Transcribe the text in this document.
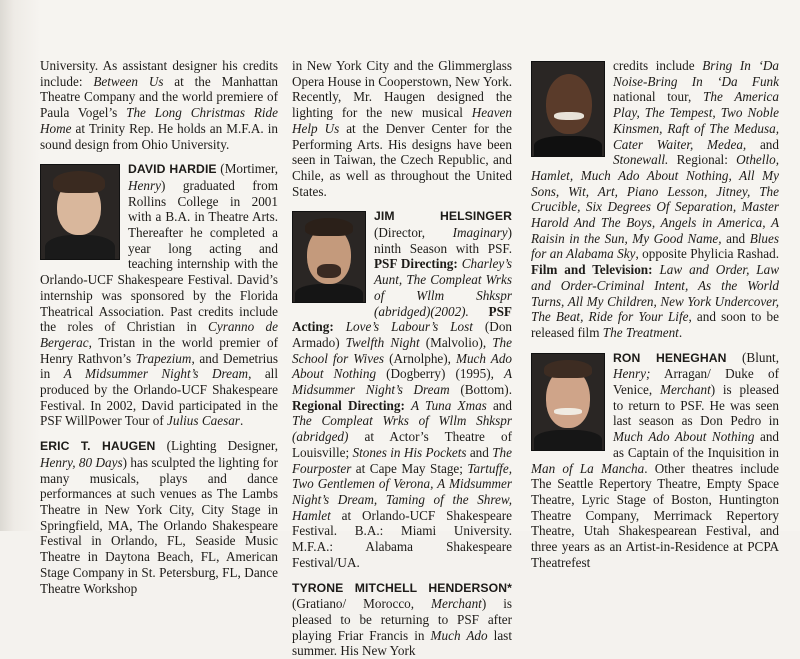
University. As assistant designer his credits include: Between Us at the Manhattan Theatre Company and the world premiere of Paula Vogel’s The Long Christmas Ride Home at Trinity Rep. He holds an M.F.A. in sound design from Ohio University.

DAVID HARDIE (Mortimer, Henry) graduated from Rollins College in 2001 with a B.A. in Theatre Arts. Thereafter he completed a year long acting and teaching internship with the Orlando-UCF Shakespeare Festival. David’s internship was sponsored by the Florida Theatrical Association. Past credits include the roles of Christian in Cyranno de Bergerac, Tristan in the world premier of Henry Rathvon’s Trapezium, and Demetrius in A Midsummer Night’s Dream, all produced by the Orlando-UCF Shakespeare Festival. In 2002, David participated in the PSF WillPower Tour of Julius Caesar.

ERIC T. HAUGEN (Lighting Designer, Henry, 80 Days) has sculpted the lighting for many musicals, plays and dance performances at such venues as The Lambs Theatre in New York City, City Stage in Springfield, MA, The Orlando Shakespeare Festival in Orlando, FL, Seaside Music Theatre in Daytona Beach, FL, American Stage Company in St. Petersburg, FL, Dance Theatre Workshop

in New York City and the Glimmerglass Opera House in Cooperstown, New York. Recently, Mr. Haugen designed the lighting for the new musical Heaven Help Us at the Denver Center for the Performing Arts. His designs have been seen in Taiwan, the Czech Republic, and Chile, as well as throughout the United States.

JIM HELSINGER (Director, Imaginary) ninth Season with PSF. PSF Directing: Charley’s Aunt, The Compleat Wrks of Wllm Shkspr (abridged)(2002). PSF Acting: Love’s Labour’s Lost (Don Armado) Twelfth Night (Malvolio), The School for Wives (Arnolphe), Much Ado About Nothing (Dogberry) (1995), A Midsummer Night’s Dream (Bottom). Regional Directing: A Tuna Xmas and The Compleat Wrks of Wllm Shkspr (abridged) at Actor’s Theatre of Louisville; Stones in His Pockets and The Fourposter at Cape May Stage; Tartuffe, Two Gentlemen of Verona, A Midsummer Night’s Dream, Taming of the Shrew, Hamlet at Orlando-UCF Shakespeare Festival. B.A.: Miami University. M.F.A.: Alabama Shakespeare Festival/UA.

TYRONE MITCHELL HENDERSON* (Gratiano/ Morocco, Merchant) is pleased to be returning to PSF after playing Friar Francis in Much Ado last summer. His New York

credits include Bring In ‘Da Noise-Bring In ‘Da Funk national tour, The America Play, The Tempest, Two Noble Kinsmen, Raft of The Medusa, Cater Waiter, Medea, and Stonewall. Regional: Othello, Hamlet, Much Ado About Nothing, All My Sons, Wit, Art, Piano Lesson, Jitney, The Crucible, Six Degrees Of Separation, Master Harold And The Boys, Angels in America, A Raisin in the Sun, My Good Name, and Blues for an Alabama Sky, opposite Phylicia Rashad. Film and Television: Law and Order, Law and Order-Criminal Intent, As the World Turns, All My Children, New York Undercover, The Beat, Ride for Your Life, and soon to be released film The Treatment.

RON HENEGHAN (Blunt, Henry; Arragan/ Duke of Venice, Merchant) is pleased to return to PSF. He was seen last season as Don Pedro in Much Ado About Nothing and as Captain of the Inquisition in Man of La Mancha. Other theatres include The Seattle Repertory Theatre, Empty Space Theatre, Lyric Stage of Boston, Huntington Theatre Company, Merrimack Repertory Theatre, Utah Shakespearean Festival, and three years as an Artist-in-Residence at PCPA Theatrefest
